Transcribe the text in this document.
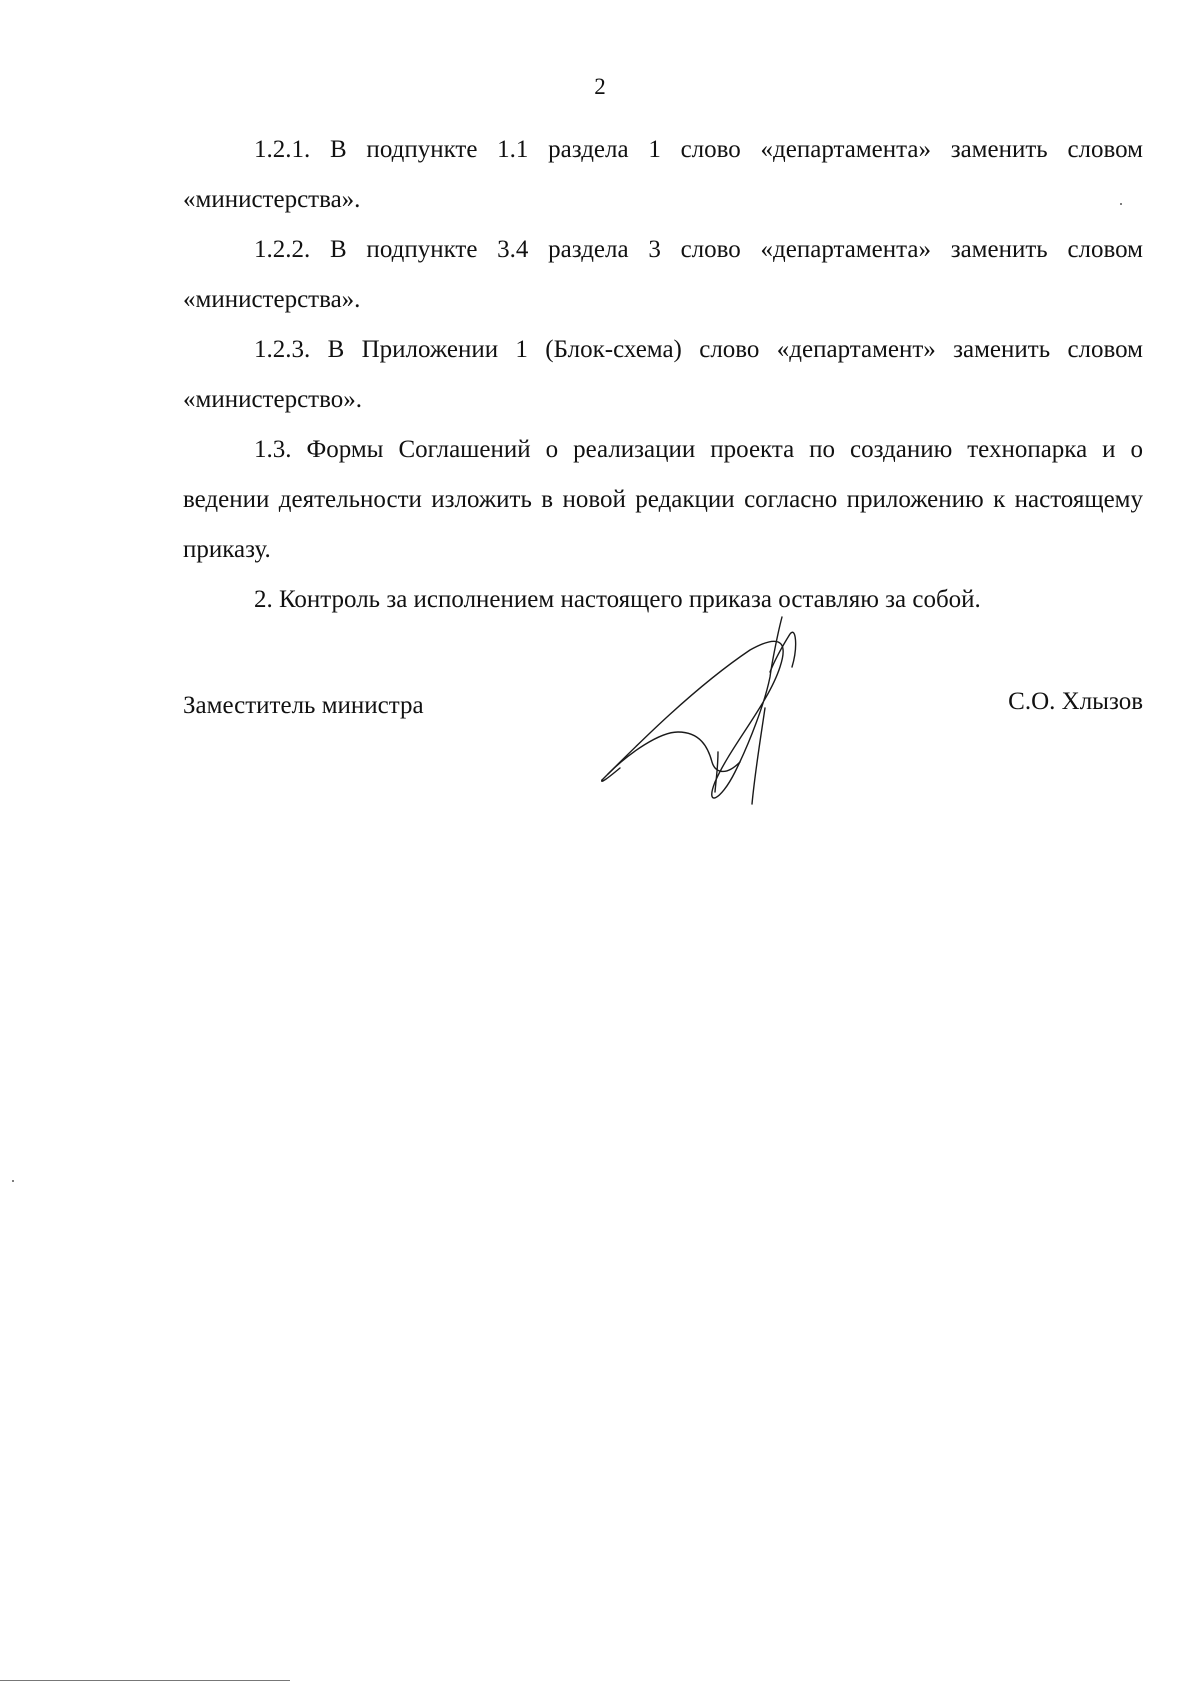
2

1.2.1. В подпункте 1.1 раздела 1 слово «департамента» заменить словом «министерства».

1.2.2. В подпункте 3.4 раздела 3 слово «департамента» заменить словом «министерства».

1.2.3. В Приложении 1 (Блок-схема) слово «департамент» заменить словом «министерство».

1.3. Формы Соглашений о реализации проекта по созданию технопарка и о ведении деятельности изложить в новой редакции согласно приложению к настоящему приказу.

2. Контроль за исполнением настоящего приказа оставляю за собой.

Заместитель министра	С.О. Хлызов
